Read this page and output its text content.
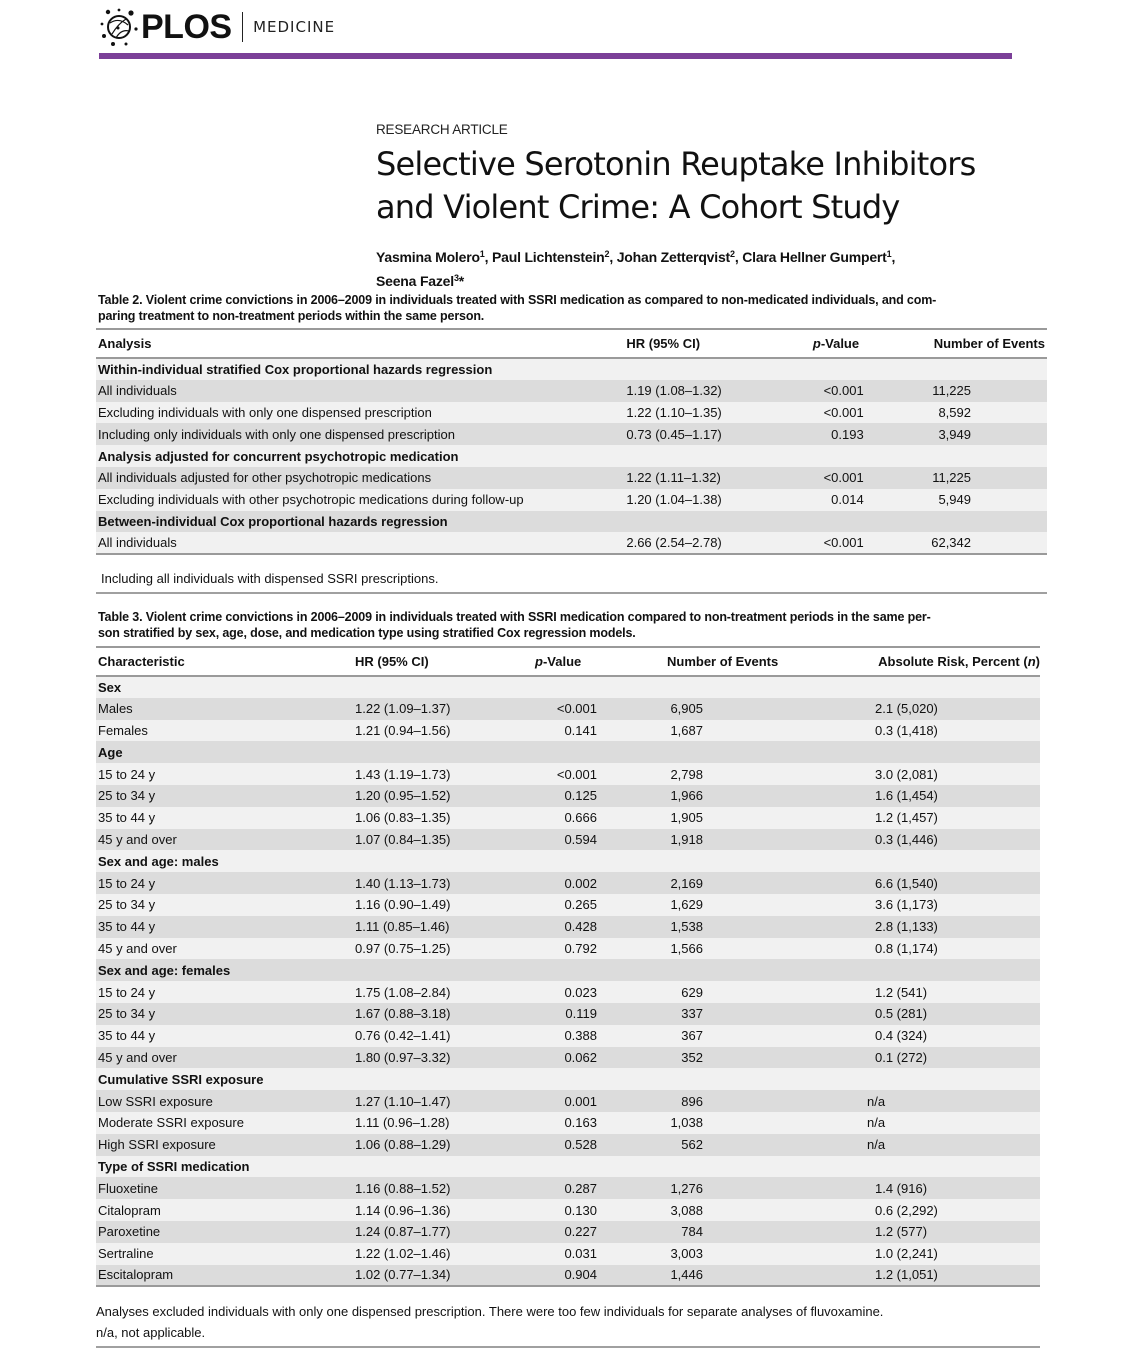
PLOS MEDICINE
RESEARCH ARTICLE
Selective Serotonin Reuptake Inhibitors and Violent Crime: A Cohort Study
Yasmina Molero$^1$, Paul Lichtenstein$^2$, Johan Zetterqvist$^2$, Clara Hellner Gumpert$^1$,
Seena Fazel$^3$*
Table 2. Violent crime convictions in 2006–2009 in individuals treated with SSRI medication as compared to non-medicated individuals, and com-
paring treatment to non-treatment periods within the same person.
Analysis	HR (95% CI)	p-Value	Number of Events
Within-individual stratified Cox proportional hazards regression			
All individuals	1.19 (1.08–1.32)	<0.001	11,225
Excluding individuals with only one dispensed prescription	1.22 (1.10–1.35)	<0.001	8,592
Including only individuals with only one dispensed prescription	0.73 (0.45–1.17)	0.193	3,949
Analysis adjusted for concurrent psychotropic medication			
All individuals adjusted for other psychotropic medications	1.22 (1.11–1.32)	<0.001	11,225
Excluding individuals with other psychotropic medications during follow-up	1.20 (1.04–1.38)	0.014	5,949
Between-individual Cox proportional hazards regression			
All individuals	2.66 (2.54–2.78)	<0.001	62,342
Including all individuals with dispensed SSRI prescriptions.
Table 3. Violent crime convictions in 2006–2009 in individuals treated with SSRI medication compared to non-treatment periods in the same per-
son stratified by sex, age, dose, and medication type using stratified Cox regression models.
Characteristic	HR (95% CI)	p-Value	Number of Events	Absolute Risk, Percent (n)
Sex				
Males	1.22 (1.09–1.37)	<0.001	6,905	2.1 (5,020)
Females	1.21 (0.94–1.56)	0.141	1,687	0.3 (1,418)
Age				
15 to 24 y	1.43 (1.19–1.73)	<0.001	2,798	3.0 (2,081)
25 to 34 y	1.20 (0.95–1.52)	0.125	1,966	1.6 (1,454)
35 to 44 y	1.06 (0.83–1.35)	0.666	1,905	1.2 (1,457)
45 y and over	1.07 (0.84–1.35)	0.594	1,918	0.3 (1,446)
Sex and age: males				
15 to 24 y	1.40 (1.13–1.73)	0.002	2,169	6.6 (1,540)
25 to 34 y	1.16 (0.90–1.49)	0.265	1,629	3.6 (1,173)
35 to 44 y	1.11 (0.85–1.46)	0.428	1,538	2.8 (1,133)
45 y and over	0.97 (0.75–1.25)	0.792	1,566	0.8 (1,174)
Sex and age: females				
15 to 24 y	1.75 (1.08–2.84)	0.023	629	1.2 (541)
25 to 34 y	1.67 (0.88–3.18)	0.119	337	0.5 (281)
35 to 44 y	0.76 (0.42–1.41)	0.388	367	0.4 (324)
45 y and over	1.80 (0.97–3.32)	0.062	352	0.1 (272)
Cumulative SSRI exposure				
Low SSRI exposure	1.27 (1.10–1.47)	0.001	896	n/a
Moderate SSRI exposure	1.11 (0.96–1.28)	0.163	1,038	n/a
High SSRI exposure	1.06 (0.88–1.29)	0.528	562	n/a
Type of SSRI medication				
Fluoxetine	1.16 (0.88–1.52)	0.287	1,276	1.4 (916)
Citalopram	1.14 (0.96–1.36)	0.130	3,088	0.6 (2,292)
Paroxetine	1.24 (0.87–1.77)	0.227	784	1.2 (577)
Sertraline	1.22 (1.02–1.46)	0.031	3,003	1.0 (2,241)
Escitalopram	1.02 (0.77–1.34)	0.904	1,446	1.2 (1,051)
Analyses excluded individuals with only one dispensed prescription. There were too few individuals for separate analyses of fluvoxamine.
n/a, not applicable.
